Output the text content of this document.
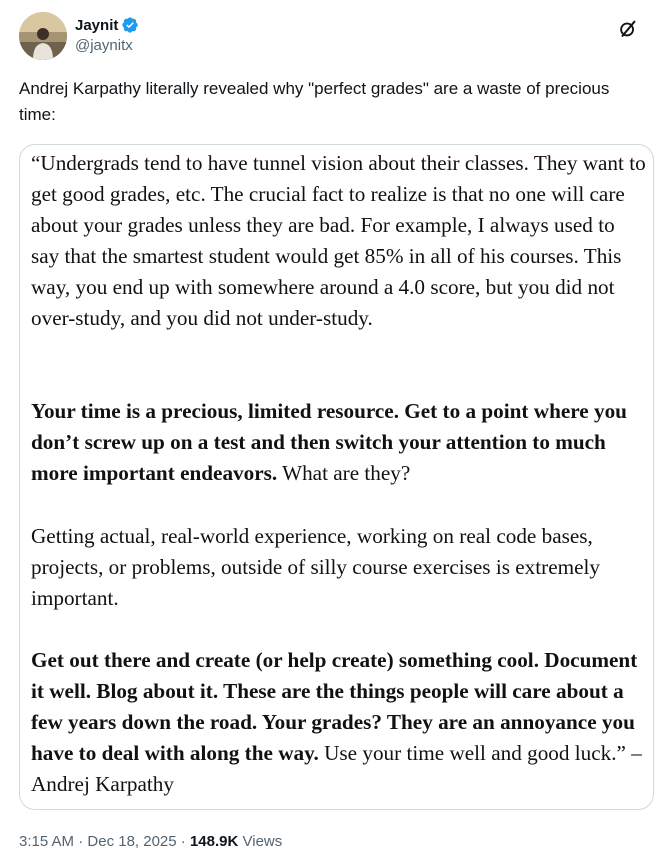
Jaynit
@jaynitx
Andrej Karpathy literally revealed why "perfect grades" are a waste of precious time:

“Undergrads tend to have tunnel vision about their classes. They want to get good grades, etc. The crucial fact to realize is that no one will care about your grades unless they are bad. For example, I always used to say that the smartest student would get 85% in all of his courses. This way, you end up with somewhere around a 4.0 score, but you did not over-study, and you did not under-study.

Your time is a precious, limited resource. Get to a point where you don’t screw up on a test and then switch your attention to much more important endeavors. What are they?

Getting actual, real-world experience, working on real code bases, projects, or problems, outside of silly course exercises is extremely important.

Get out there and create (or help create) something cool. Document it well. Blog about it. These are the things people will care about a few years down the road. Your grades? They are an annoyance you have to deal with along the way. Use your time well and good luck.” – Andrej Karpathy

3:15 AM · Dec 18, 2025 · 148.9K Views
